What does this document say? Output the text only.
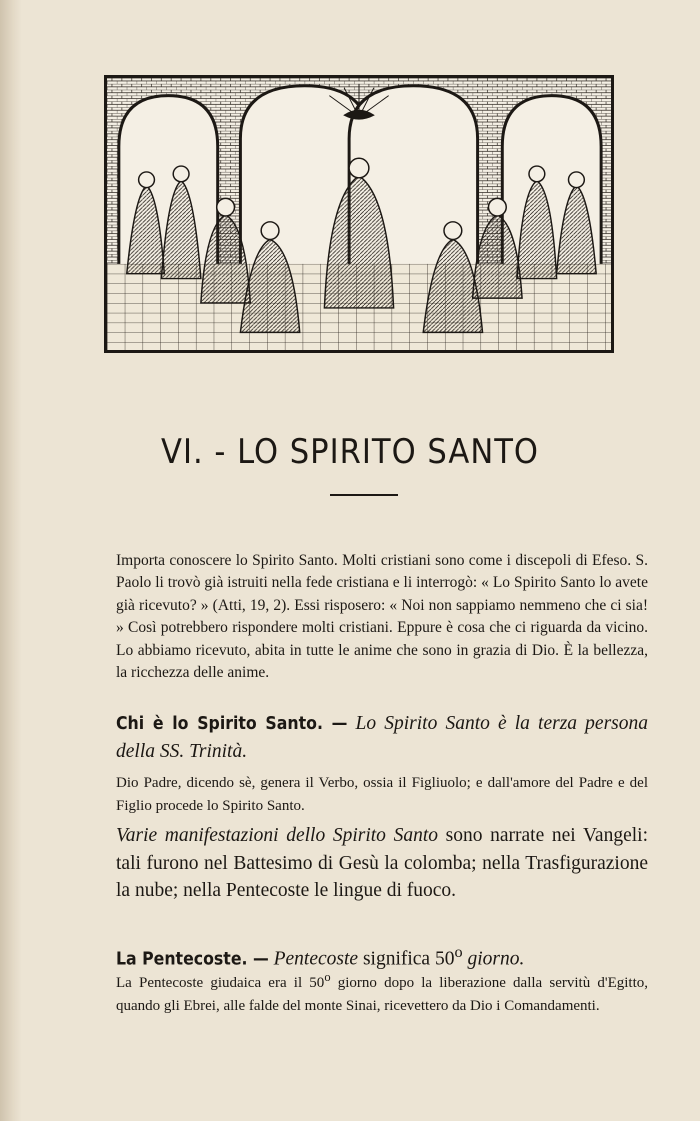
VI. - LO SPIRITO SANTO

Importa conoscere lo Spirito Santo. Molti cristiani sono come i discepoli di Efeso. S. Paolo li trovò già istruiti nella fede cristiana e li interrogò: « Lo Spirito Santo lo avete già ricevuto? » (Atti, 19, 2). Essi risposero: « Noi non sappiamo nemmeno che ci sia! » Così potrebbero rispondere molti cristiani. Eppure è cosa che ci riguarda da vicino. Lo abbiamo ricevuto, abita in tutte le anime che sono in grazia di Dio. È la bellezza, la ricchezza delle anime.

Chi è lo Spirito Santo. — Lo Spirito Santo è la terza persona della SS. Trinità.

Dio Padre, dicendo sè, genera il Verbo, ossia il Figliuolo; e dall'amore del Padre e del Figlio procede lo Spirito Santo.

Varie manifestazioni dello Spirito Santo sono narrate nei Vangeli: tali furono nel Battesimo di Gesù la colomba; nella Trasfigurazione la nube; nella Pentecoste le lingue di fuoco.

La Pentecoste. — Pentecoste significa 50$^o$ giorno.

La Pentecoste giudaica era il 50$^o$ giorno dopo la liberazione dalla servitù d'Egitto, quando gli Ebrei, alle falde del monte Sinai, ricevettero da Dio i Comandamenti.
